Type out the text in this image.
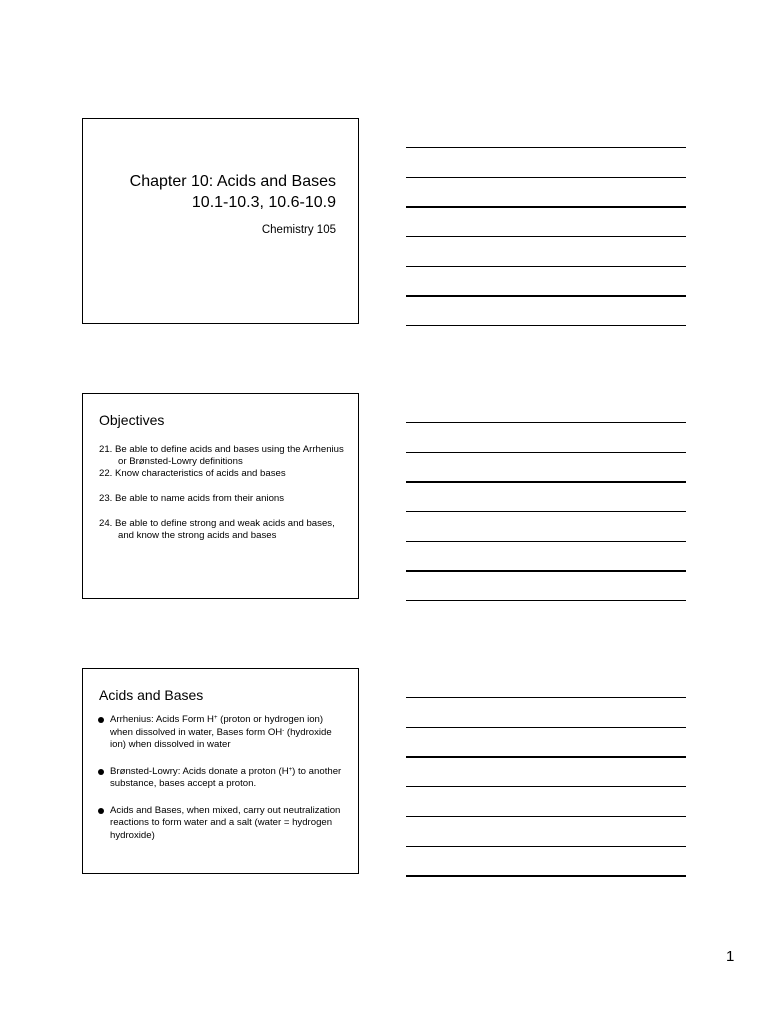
Chapter 10: Acids and Bases
10.1-10.3, 10.6-10.9
Chemistry 105
Objectives
21. Be able to define acids and bases using the Arrhenius or Brønsted-Lowry definitions
22. Know characteristics of acids and bases
23. Be able to name acids from their anions
24. Be able to define strong and weak acids and bases, and know the strong acids and bases
Acids and Bases
Arrhenius: Acids Form H+ (proton or hydrogen ion) when dissolved in water, Bases form OH- (hydroxide ion) when dissolved in water
Brønsted-Lowry: Acids donate a proton (H+) to another substance, bases accept a proton.
Acids and Bases, when mixed, carry out neutralization reactions to form water and a salt (water = hydrogen hydroxide)
1
